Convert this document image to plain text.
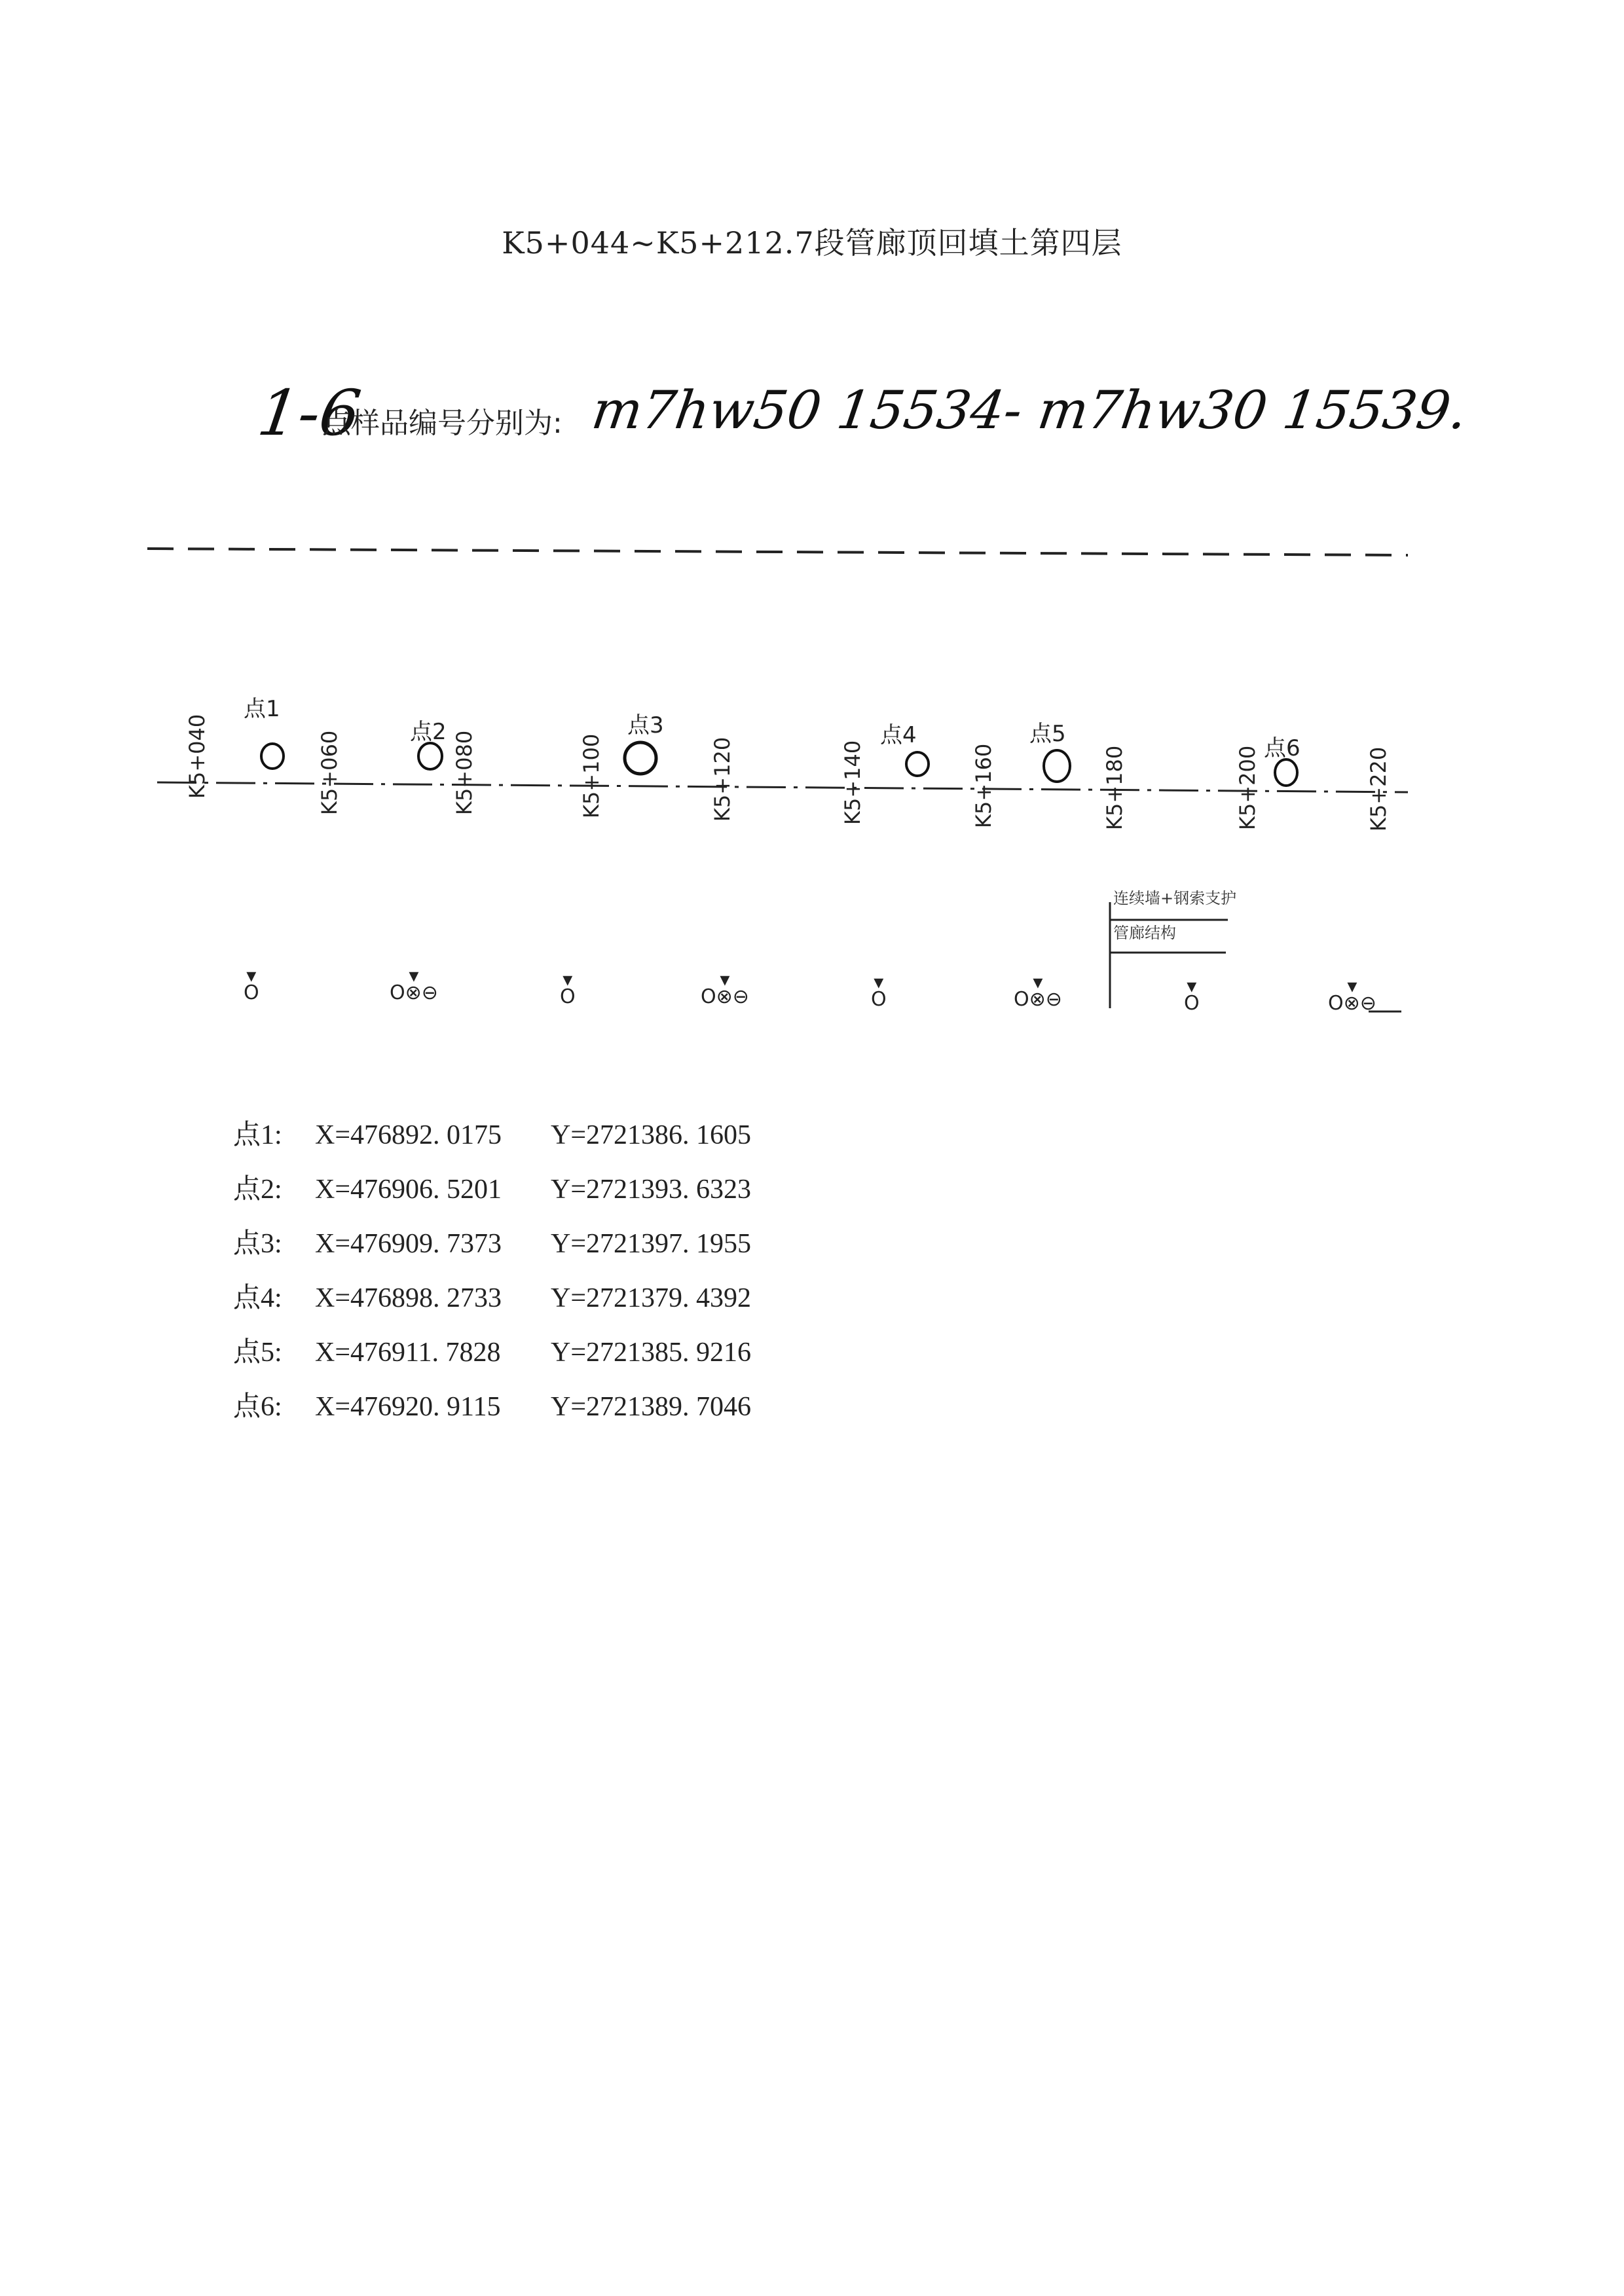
K5+044~K5+212.7段管廊顶回填土第四层
1-6
点样品编号分别为: m7hw50 15534- m7hw30 15539.
K5+040	K5+060	K5+080	K5+100	K5+120	K5+140	K5+160	K5+180	K5+200	K5+220
点1
点2	点3	点4	点5
点6
连续墙+钢索支护
管廊结构
▾
O
▾
O⊗⊖
▾
O
▾
O⊗⊖
▾
O
▾
O⊗⊖
▾
O
▾
O⊗⊖

点1: X=476892. 0175 Y=2721386. 1605

点2: X=476906. 5201 Y=2721393. 6323

点3: X=476909. 7373 Y=2721397. 1955

点4: X=476898. 2733 Y=2721379. 4392

点5: X=476911. 7828 Y=2721385. 9216

点6: X=476920. 9115 Y=2721389. 7046
